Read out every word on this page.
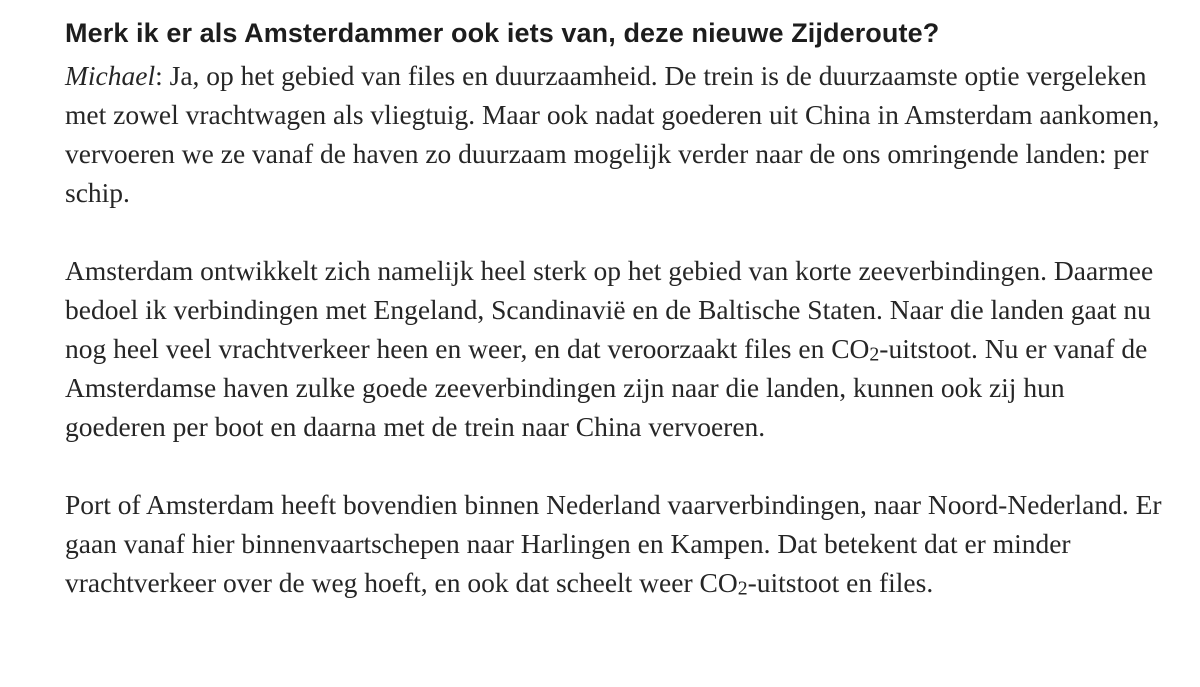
Merk ik er als Amsterdammer ook iets van, deze nieuwe Zijderoute?

Michael: Ja, op het gebied van files en duurzaamheid. De trein is de duurzaamste optie vergeleken met zowel vrachtwagen als vliegtuig. Maar ook nadat goederen uit China in Amsterdam aankomen, vervoeren we ze vanaf de haven zo duurzaam mogelijk verder naar de ons omringende landen: per schip.

Amsterdam ontwikkelt zich namelijk heel sterk op het gebied van korte zeeverbindingen. Daarmee bedoel ik verbindingen met Engeland, Scandinavië en de Baltische Staten. Naar die landen gaat nu nog heel veel vrachtverkeer heen en weer, en dat veroorzaakt files en CO2-uitstoot. Nu er vanaf de Amsterdamse haven zulke goede zeeverbindingen zijn naar die landen, kunnen ook zij hun goederen per boot en daarna met de trein naar China vervoeren.

Port of Amsterdam heeft bovendien binnen Nederland vaarverbindingen, naar Noord-Nederland. Er gaan vanaf hier binnenvaartschepen naar Harlingen en Kampen. Dat betekent dat er minder vrachtverkeer over de weg hoeft, en ook dat scheelt weer CO2-uitstoot en files.
